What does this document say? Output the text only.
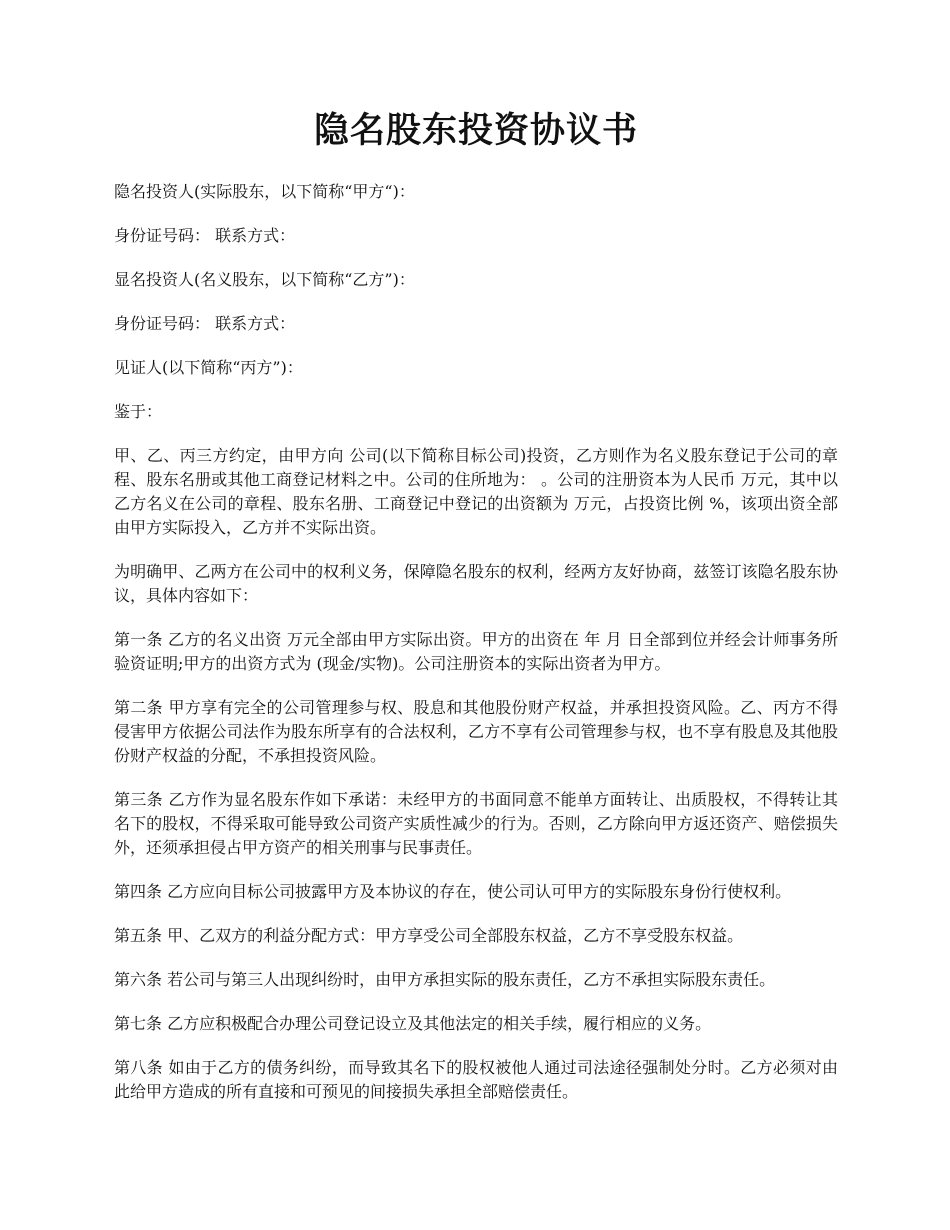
隐名股东投资协议书

隐名投资人(实际股东，以下简称“甲方“)：

身份证号码： 联系方式：

显名投资人(名义股东，以下简称“乙方”)：

身份证号码： 联系方式：

见证人(以下简称“丙方”)：

鉴于：

甲、乙、丙三方约定，由甲方向 公司(以下简称目标公司)投资，乙方则作为名义股东登记于公司的章程、股东名册或其他工商登记材料之中。公司的住所地为： 。公司的注册资本为人民币 万元，其中以乙方名义在公司的章程、股东名册、工商登记中登记的出资额为 万元，占投资比例 %，该项出资全部由甲方实际投入，乙方并不实际出资。

为明确甲、乙两方在公司中的权利义务，保障隐名股东的权利，经两方友好协商，兹签订该隐名股东协议，具体内容如下：

第一条 乙方的名义出资 万元全部由甲方实际出资。甲方的出资在 年 月 日全部到位并经会计师事务所验资证明;甲方的出资方式为 (现金/实物)。公司注册资本的实际出资者为甲方。

第二条 甲方享有完全的公司管理参与权、股息和其他股份财产权益，并承担投资风险。乙、丙方不得侵害甲方依据公司法作为股东所享有的合法权利，乙方不享有公司管理参与权，也不享有股息及其他股份财产权益的分配，不承担投资风险。

第三条 乙方作为显名股东作如下承诺：未经甲方的书面同意不能单方面转让、出质股权，不得转让其名下的股权，不得采取可能导致公司资产实质性减少的行为。否则，乙方除向甲方返还资产、赔偿损失外，还须承担侵占甲方资产的相关刑事与民事责任。

第四条 乙方应向目标公司披露甲方及本协议的存在，使公司认可甲方的实际股东身份行使权利。

第五条 甲、乙双方的利益分配方式：甲方享受公司全部股东权益，乙方不享受股东权益。

第六条 若公司与第三人出现纠纷时，由甲方承担实际的股东责任，乙方不承担实际股东责任。

第七条 乙方应积极配合办理公司登记设立及其他法定的相关手续，履行相应的义务。

第八条 如由于乙方的债务纠纷，而导致其名下的股权被他人通过司法途径强制处分时。乙方必须对由此给甲方造成的所有直接和可预见的间接损失承担全部赔偿责任。
